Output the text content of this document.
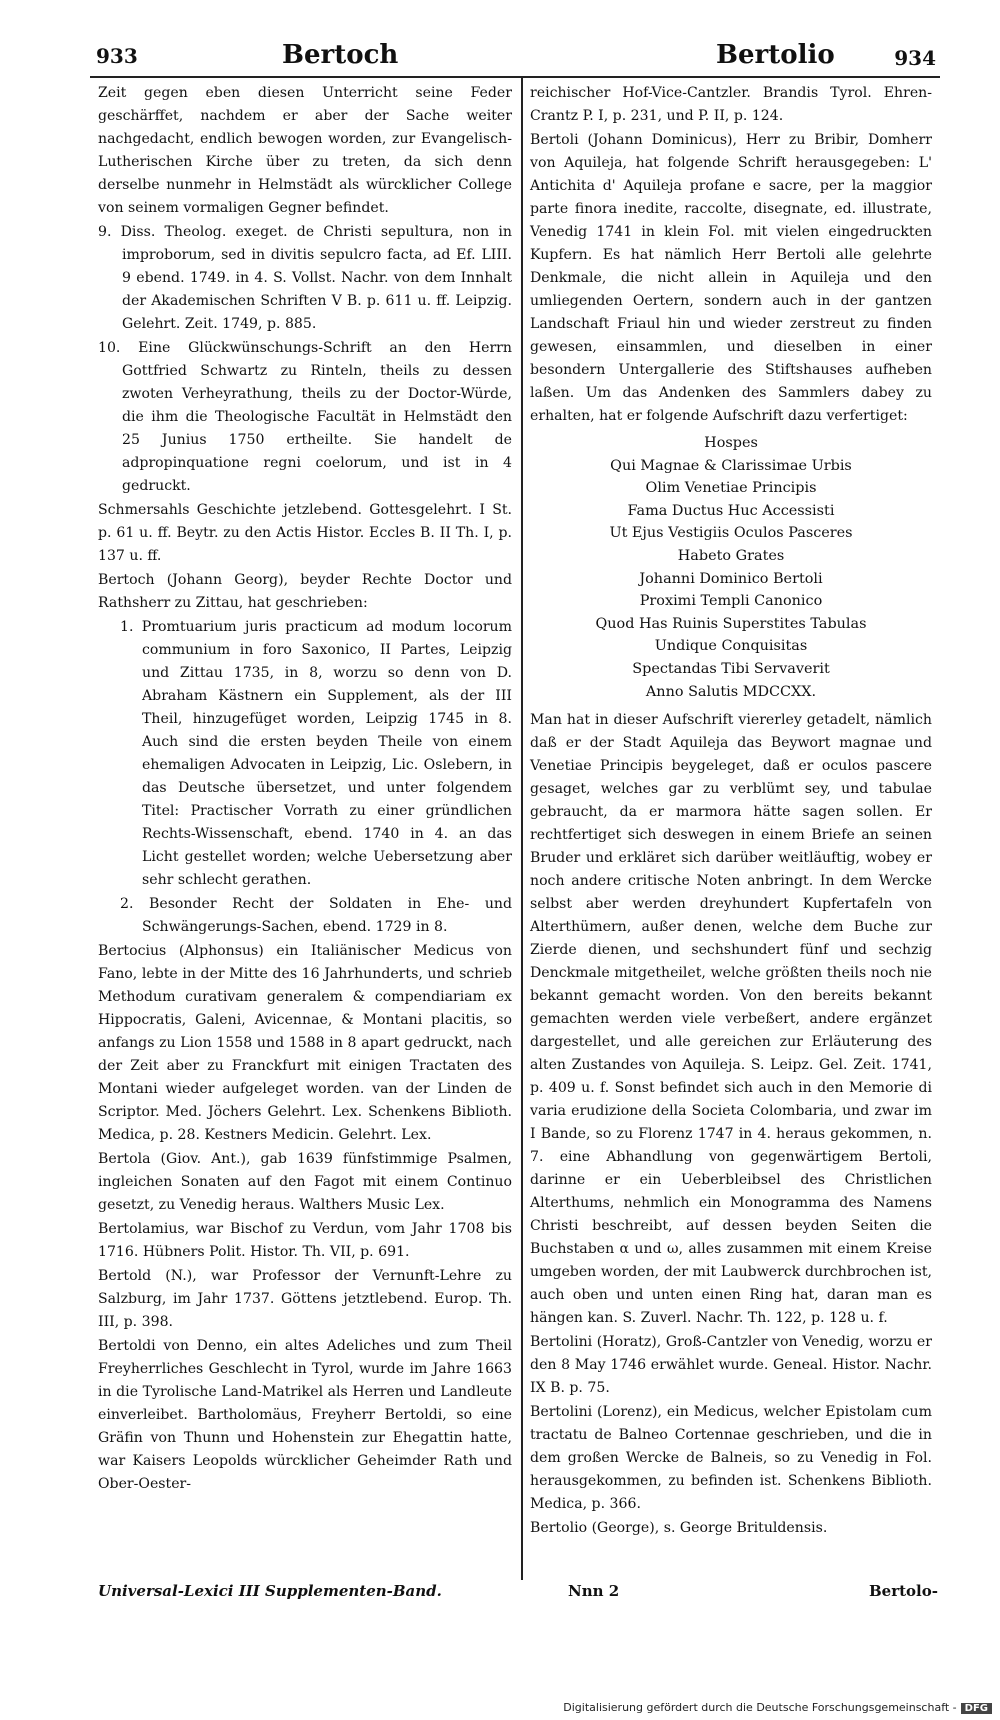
933	Bertoch	Bertolio	934
Zeit gegen eben diesen Unterricht seine Feder geschärffet, nachdem er aber der Sache weiter nachgedacht, endlich bewogen worden, zur Evangelisch-Lutherischen Kirche über zu treten, da sich denn derselbe nunmehr in Helmstädt als würcklicher College von seinem vormaligen Gegner befindet.
9. Diss. Theolog. exeget. de Christi sepultura, non in improborum, sed in divitis sepulcro facta, ad Ef. LIII. 9 ebend. 1749. in 4. S. Vollst. Nachr. von dem Innhalt der Akademischen Schriften V B. p. 611 u. ff. Leipzig. Gelehrt. Zeit. 1749, p. 885.
10. Eine Glückwünschungs-Schrift an den Herrn Gottfried Schwartz zu Rinteln, theils zu dessen zwoten Verheyrathung, theils zu der Doctor-Würde, die ihm die Theologische Facultät in Helmstädt den 25 Junius 1750 ertheilte. Sie handelt de adpropinquatione regni coelorum, und ist in 4 gedruckt.
Schmersahls Geschichte jetzlebend. Gottesgelehrt. I St. p. 61 u. ff. Beytr. zu den Actis Histor. Eccles B. II Th. I, p. 137 u. ff.
Bertoch (Johann Georg), beyder Rechte Doctor und Rathsherr zu Zittau, hat geschrieben:
1. Promtuarium juris practicum ad modum locorum communium in foro Saxonico, II Partes, Leipzig und Zittau 1735, in 8, worzu so denn von D. Abraham Kästnern ein Supplement, als der III Theil, hinzugefüget worden, Leipzig 1745 in 8. Auch sind die ersten beyden Theile von einem ehemaligen Advocaten in Leipzig, Lic. Oslebern, in das Deutsche übersetzet, und unter folgendem Titel: Practischer Vorrath zu einer gründlichen Rechts-Wissenschaft, ebend. 1740 in 4. an das Licht gestellet worden; welche Uebersetzung aber sehr schlecht gerathen.
2. Besonder Recht der Soldaten in Ehe- und Schwängerungs-Sachen, ebend. 1729 in 8.
Bertocius (Alphonsus) ein Italiänischer Medicus von Fano, lebte in der Mitte des 16 Jahrhunderts, und schrieb Methodum curativam generalem & compendiariam ex Hippocratis, Galeni, Avicennae, & Montani placitis, so anfangs zu Lion 1558 und 1588 in 8 apart gedruckt, nach der Zeit aber zu Franckfurt mit einigen Tractaten des Montani wieder aufgeleget worden. van der Linden de Scriptor. Med. Jöchers Gelehrt. Lex. Schenkens Biblioth. Medica, p. 28. Kestners Medicin. Gelehrt. Lex.
Bertola (Giov. Ant.), gab 1639 fünfstimmige Psalmen, ingleichen Sonaten auf den Fagot mit einem Continuo gesetzt, zu Venedig heraus. Walthers Music Lex.
Bertolamius, war Bischof zu Verdun, vom Jahr 1708 bis 1716. Hübners Polit. Histor. Th. VII, p. 691.
Bertold (N.), war Professor der Vernunft-Lehre zu Salzburg, im Jahr 1737. Göttens jetztlebend. Europ. Th. III, p. 398.
Bertoldi von Denno, ein altes Adeliches und zum Theil Freyherrliches Geschlecht in Tyrol, wurde im Jahre 1663 in die Tyrolische Land-Matrikel als Herren und Landleute einverleibet. Bartholomäus, Freyherr Bertoldi, so eine Gräfin von Thunn und Hohenstein zur Ehegattin hatte, war Kaisers Leopolds würcklicher Geheimder Rath und Ober-Oester-
reichischer Hof-Vice-Cantzler. Brandis Tyrol. Ehren-Crantz P. I, p. 231, und P. II, p. 124.
Bertoli (Johann Dominicus), Herr zu Bribir, Domherr von Aquileja, hat folgende Schrift herausgegeben: L' Antichita d' Aquileja profane e sacre, per la maggior parte finora inedite, raccolte, disegnate, ed. illustrate, Venedig 1741 in klein Fol. mit vielen eingedruckten Kupfern. Es hat nämlich Herr Bertoli alle gelehrte Denkmale, die nicht allein in Aquileja und den umliegenden Oertern, sondern auch in der gantzen Landschaft Friaul hin und wieder zerstreut zu finden gewesen, einsammlen, und dieselben in einer besondern Untergallerie des Stiftshauses aufheben laßen. Um das Andenken des Sammlers dabey zu erhalten, hat er folgende Aufschrift dazu verfertiget:
Hospes
Qui Magnae & Clarissimae Urbis
Olim Venetiae Principis
Fama Ductus Huc Accessisti
Ut Ejus Vestigiis Oculos Pasceres
Habeto Grates
Johanni Dominico Bertoli
Proximi Templi Canonico
Quod Has Ruinis Superstites Tabulas
Undique Conquisitas
Spectandas Tibi Servaverit
Anno Salutis MDCCXX.
Man hat in dieser Aufschrift viererley getadelt, nämlich daß er der Stadt Aquileja das Beywort magnae und Venetiae Principis beygeleget, daß er oculos pascere gesaget, welches gar zu verblümt sey, und tabulae gebraucht, da er marmora hätte sagen sollen. Er rechtfertiget sich deswegen in einem Briefe an seinen Bruder und erkläret sich darüber weitläuftig, wobey er noch andere critische Noten anbringt. In dem Wercke selbst aber werden dreyhundert Kupfertafeln von Alterthümern, außer denen, welche dem Buche zur Zierde dienen, und sechshundert fünf und sechzig Denckmale mitgetheilet, welche größten theils noch nie bekannt gemacht worden. Von den bereits bekannt gemachten werden viele verbeßert, andere ergänzet dargestellet, und alle gereichen zur Erläuterung des alten Zustandes von Aquileja. S. Leipz. Gel. Zeit. 1741, p. 409 u. f. Sonst befindet sich auch in den Memorie di varia erudizione della Societa Colombaria, und zwar im I Bande, so zu Florenz 1747 in 4. heraus gekommen, n. 7. eine Abhandlung von gegenwärtigem Bertoli, darinne er ein Ueberbleibsel des Christlichen Alterthums, nehmlich ein Monogramma des Namens Christi beschreibt, auf dessen beyden Seiten die Buchstaben α und ω, alles zusammen mit einem Kreise umgeben worden, der mit Laubwerck durchbrochen ist, auch oben und unten einen Ring hat, daran man es hängen kan. S. Zuverl. Nachr. Th. 122, p. 128 u. f.
Bertolini (Horatz), Groß-Cantzler von Venedig, worzu er den 8 May 1746 erwählet wurde. Geneal. Histor. Nachr. IX B. p. 75.
Bertolini (Lorenz), ein Medicus, welcher Epistolam cum tractatu de Balneo Cortennae geschrieben, und die in dem großen Wercke de Balneis, so zu Venedig in Fol. herausgekommen, zu befinden ist. Schenkens Biblioth. Medica, p. 366.
Bertolio (George), s. George Brituldensis.
Universal-Lexici III Supplementen-Band.	Nnn 2	Bertolo-
Digitalisierung gefördert durch die Deutsche Forschungsgemeinschaft - DFG
